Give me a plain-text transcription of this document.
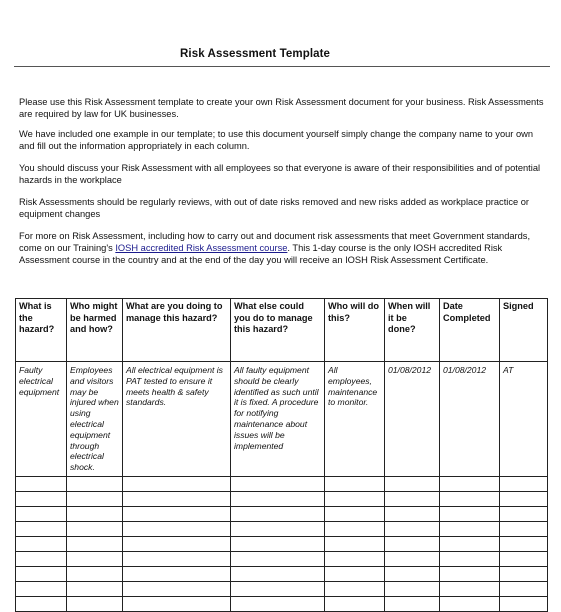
Risk Assessment Template
Please use this Risk Assessment template to create your own Risk Assessment document for your business. Risk Assessments are required by law for UK businesses.
We have included one example in our template; to use this document yourself simply change the company name to your own and fill out the information appropriately in each column.
You should discuss your Risk Assessment with all employees so that everyone is aware of their responsibilities and of potential hazards in the workplace
Risk Assessments should be regularly reviews, with out of date risks removed and new risks added as workplace practice or equipment changes
For more on Risk Assessment, including how to carry out and document risk assessments that meet Government standards, come on our Training's IOSH accredited Risk Assessment course. This 1-day course is the only IOSH accredited Risk Assessment course in the country and at the end of the day you will receive an IOSH Risk Assessment Certificate.
What is the hazard?	Who might be harmed and how?	What are you doing to manage this hazard?	What else could you do to manage this hazard?	Who will do this?	When will it be done?	Date Completed	Signed
Faulty electrical equipment	Employees and visitors may be injured when using electrical equipment through electrical shock.	All electrical equipment is PAT tested to ensure it meets health & safety standards.	All faulty equipment should be clearly identified as such until it is fixed. A procedure for notifying maintenance about issues will be implemented	All employees, maintenance to monitor.	01/08/2012	01/08/2012	AT
